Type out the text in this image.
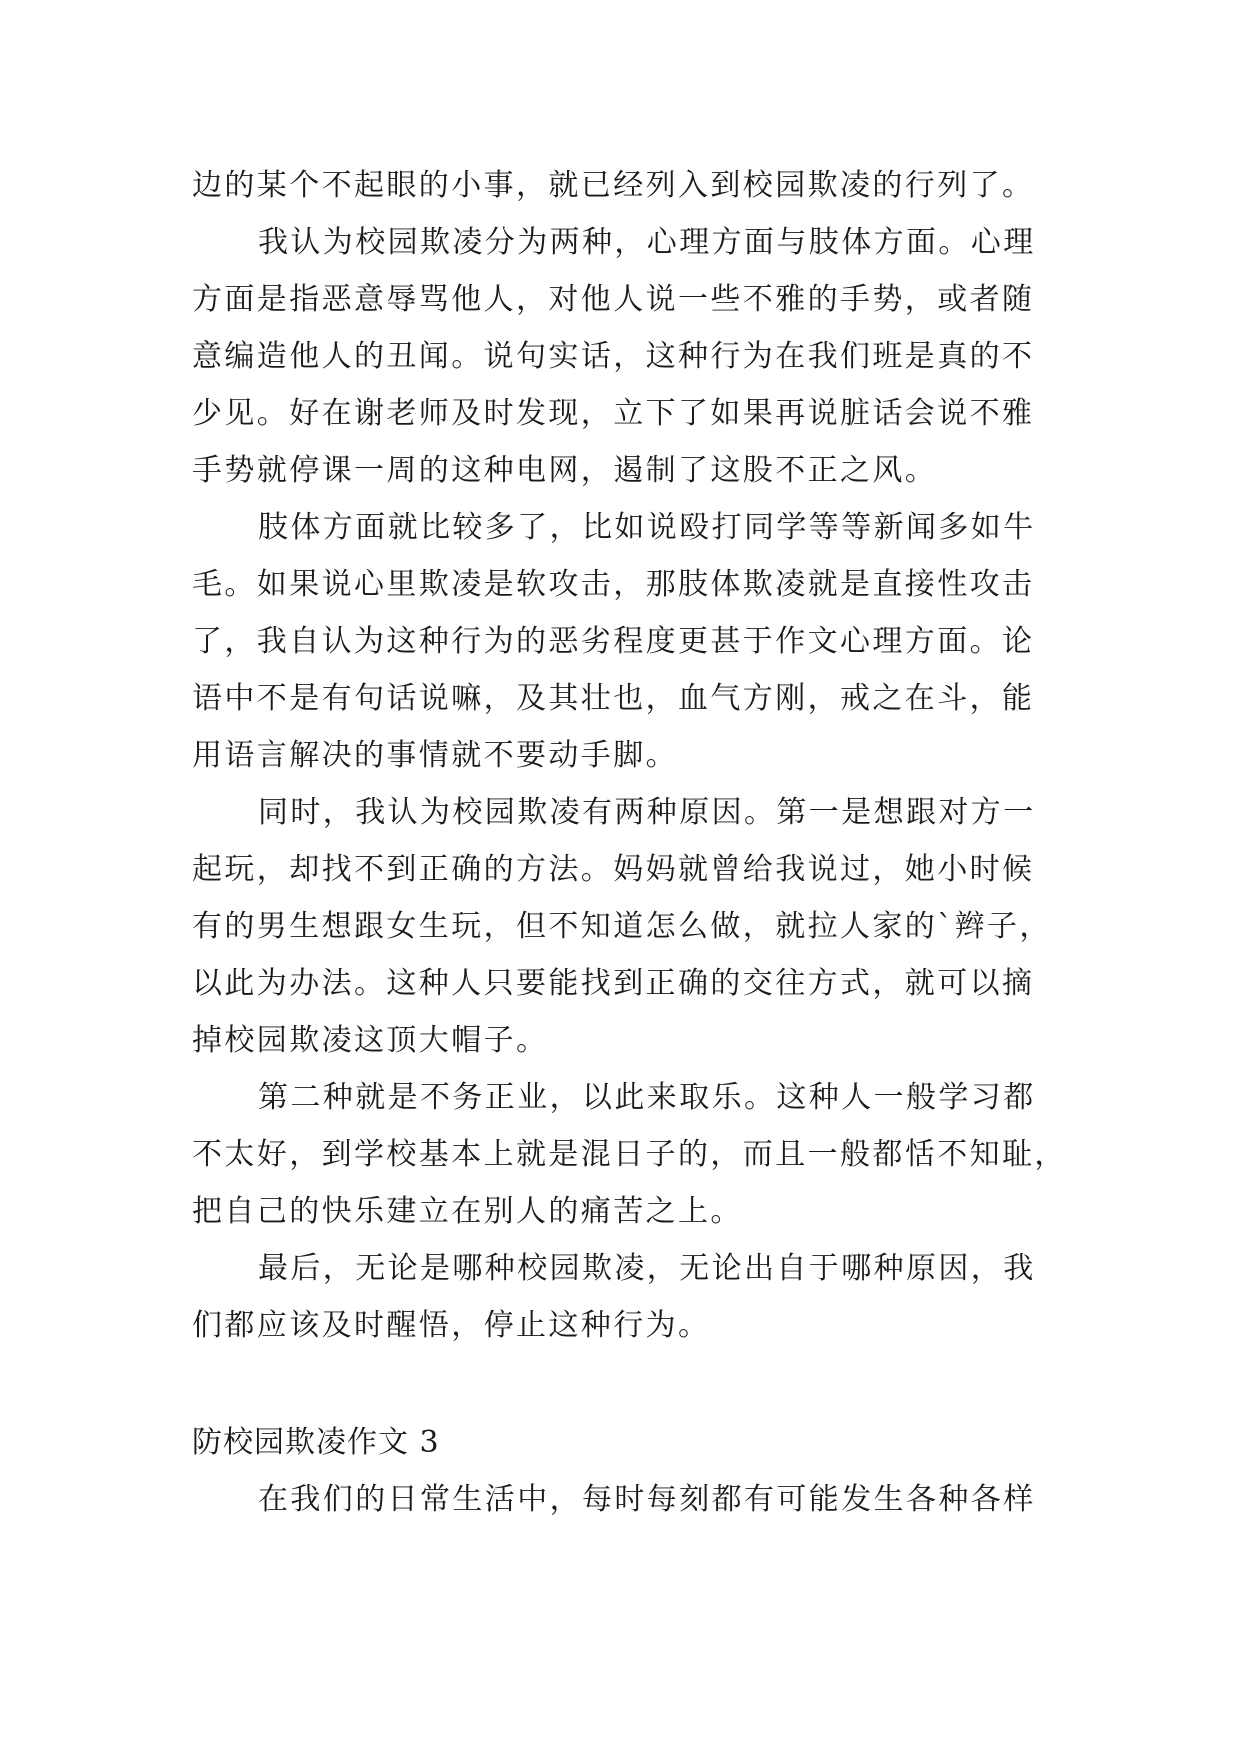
边的某个不起眼的小事，就已经列入到校园欺凌的行列了。
我认为校园欺凌分为两种，心理方面与肢体方面。心理
方面是指恶意辱骂他人，对他人说一些不雅的手势，或者随
意编造他人的丑闻。说句实话，这种行为在我们班是真的不
少见。好在谢老师及时发现，立下了如果再说脏话会说不雅
手势就停课一周的这种电网，遏制了这股不正之风。
肢体方面就比较多了，比如说殴打同学等等新闻多如牛
毛。如果说心里欺凌是软攻击，那肢体欺凌就是直接性攻击
了，我自认为这种行为的恶劣程度更甚于作文心理方面。论
语中不是有句话说嘛，及其壮也，血气方刚，戒之在斗，能
用语言解决的事情就不要动手脚。
同时，我认为校园欺凌有两种原因。第一是想跟对方一
起玩，却找不到正确的方法。妈妈就曾给我说过，她小时候
有的男生想跟女生玩，但不知道怎么做，就拉人家的`辫子，
以此为办法。这种人只要能找到正确的交往方式，就可以摘
掉校园欺凌这顶大帽子。
第二种就是不务正业，以此来取乐。这种人一般学习都
不太好，到学校基本上就是混日子的，而且一般都恬不知耻，
把自己的快乐建立在别人的痛苦之上。
最后，无论是哪种校园欺凌，无论出自于哪种原因，我
们都应该及时醒悟，停止这种行为。
防校园欺凌作文 3
在我们的日常生活中，每时每刻都有可能发生各种各样
